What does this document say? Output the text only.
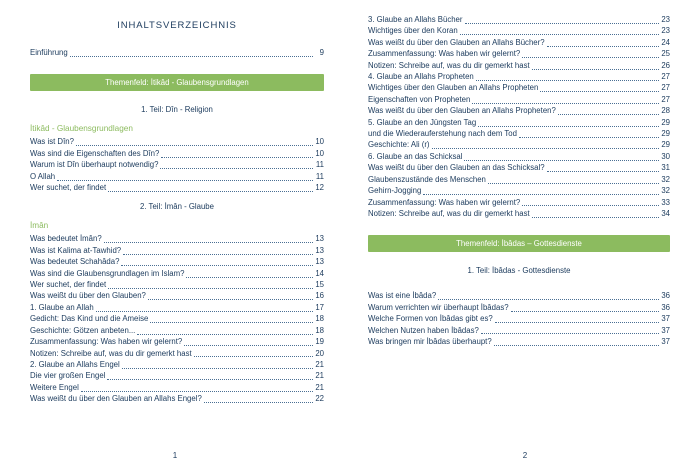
INHALTSVERZEICHNIS
Einführung	9
Themenfeld: İtikâd - Glaubensgrundlagen
1. Teil: Dîn - Religion
İtikâd - Glaubensgrundlagen
Was ist Dîn?	10
Was sind die Eigenschaften des Dîn?	10
Warum ist Dîn überhaupt notwendig?	11
O Allah	11
Wer suchet, der findet	12
2. Teil: İmân - Glaube
İmân
Was bedeutet İmân?	13
Was ist Kalima at-Tawhid?	13
Was bedeutet Schahâda?	13
Was sind die Glaubensgrundlagen im Islam?	14
Wer suchet, der findet	15
Was weißt du über den Glauben?	16
1. Glaube an Allah	17
Gedicht: Das Kind und die Ameise	18
Geschichte: Götzen anbeten...	18
Zusammenfassung: Was haben wir gelernt?	19
Notizen: Schreibe auf, was du dir gemerkt hast	20
2. Glaube an Allahs Engel	21
Die vier großen Engel	21
Weitere Engel	21
Was weißt du über den Glauben an Allahs Engel?	22
3. Glaube an Allahs Bücher	23
Wichtiges über den Koran	23
Was weißt du über den Glauben an Allahs Bücher?	24
Zusammenfassung: Was haben wir gelernt?	25
Notizen: Schreibe auf, was du dir gemerkt hast	26
4. Glaube an Allahs Propheten	27
Wichtiges über den Glauben an Allahs Propheten	27
Eigenschaften von Propheten	27
Was weißt du über den Glauben an Allahs Propheten?	28
5. Glaube an den Jüngsten Tag	29
und die Wiederauferstehung nach dem Tod	29
Geschichte: Ali (r)	29
6. Glaube an das Schicksal	30
Was weißt du über den Glauben an das Schicksal?	31
Glaubenszustände des Menschen	32
Gehirn-Jogging	32
Zusammenfassung: Was haben wir gelernt?	33
Notizen: Schreibe auf, was du dir gemerkt hast	34
Themenfeld: İbâdas – Gottesdienste
1. Teil: İbâdas - Gottesdienste
Was ist eine İbâda?	36
Warum verrichten wir überhaupt İbâdas?	36
Welche Formen von İbâdas gibt es?	37
Welchen Nutzen haben İbâdas?	37
Was bringen mir İbâdas überhaupt?	37
1	2
